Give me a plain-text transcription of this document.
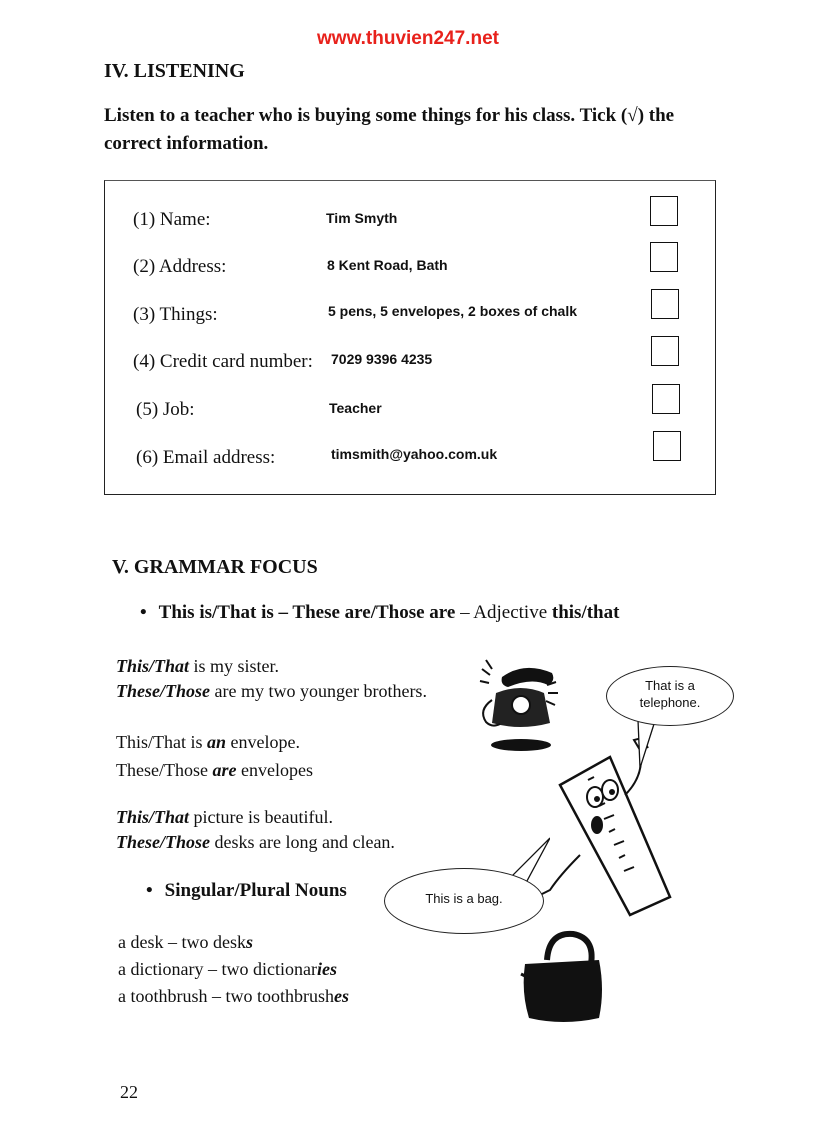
www.thuvien247.net
IV. LISTENING
Listen to a teacher who is buying some things for his class. Tick (√) the
correct information.
(1) Name:	Tim Smyth
(2) Address:	8 Kent Road, Bath
(3) Things:	5 pens, 5 envelopes, 2 boxes of chalk
(4) Credit card number: 7029 9396 4235
(5) Job:	Teacher
(6) Email address:	timsmith@yahoo.com.uk
V. GRAMMAR FOCUS
• This is/That is – These are/Those are – Adjective this/that
This/That is my sister.
These/Those are my two younger brothers.
This/That is an envelope.
These/Those are envelopes
This/That picture is beautiful.
These/Those desks are long and clean.
• Singular/Plural Nouns
a desk – two desks
a dictionary – two dictionaries
a toothbrush – two toothbrushes
That is a
telephone.
This is a bag.
22
